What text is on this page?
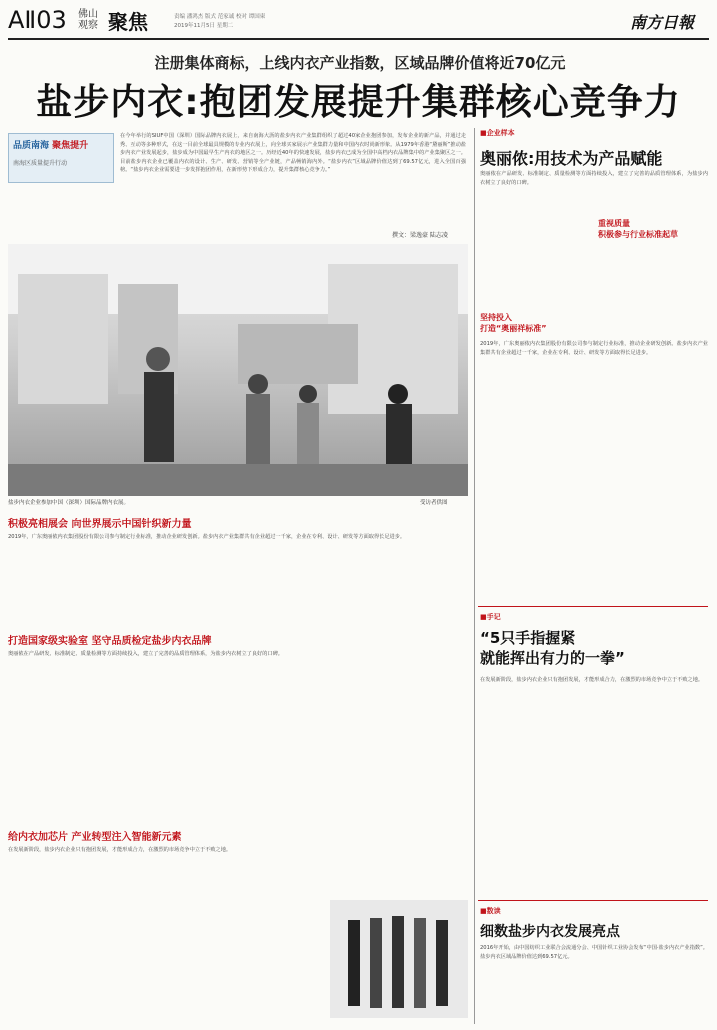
AⅡ03 佛山
观察 聚焦	责编 潘鸿杰 版式 范家诚 校对 谭国柬
2019年11月5日 星期二	南方日報
注册集体商标，上线内衣产业指数，区域品牌价值将近70亿元
盐步内衣:抱团发展提升集群核心竞争力
品质南海 聚焦提升
南海区质量提升行动
在今年举行的SIUF中国（深圳）国际品牌内衣展上，来自南海大沥的盐步内衣产业集群组织了超过40家企业抱团参加，发布企业的新产品，并通过走秀、互动等多种形式，在这一目前全球最具规模的专业内衣展上，向全球买家展示产业集群力量和中国内衣时尚新形象。从1979年香港“黛丽斯”推动盐步内衣产业发展起步，盐步成为中国最早生产内衣的地区之一。历经近40年的快速发展，盐步内衣已成为全国中高档内衣品牌集中的产业集聚区之一。目前盐步内衣企业已覆盖内衣的设计、生产、研发、营销等全产业链，产品畅销海内外。“盐步内衣”区域品牌价值达到了69.57亿元，进入全国百强榜。“盐步内衣企业需要进一步发挥抱团作用，在新形势下形成合力，提升集群核心竞争力。”
撰文：梁逸豪 陆志凌
盐步内衣企业参加中国（深圳）国际品牌内衣展。	受访者供图
积极亮相展会 向世界展示中国针织新力量
2019年，广东奥丽侬内衣集团股份有限公司参与制定行业标准，推动企业研发创新。盐步内衣产业集群共有企业超过一千家，企业在专利、设计、研发等方面取得长足进步。
打造国家级实验室 坚守品质检定盐步内衣品牌
奥丽侬在产品研发、标准制定、质量检测等方面持续投入，建立了完善的品质管理体系，为盐步内衣树立了良好的口碑。
给内衣加芯片 产业转型注入智能新元素
在发展新阶段，盐步内衣企业只有抱团发展，才能形成合力，在激烈的市场竞争中立于不败之地。
■企业样本
奥丽侬:用技术为产品赋能
奥丽侬在产品研发、标准制定、质量检测等方面持续投入，建立了完善的品质管理体系，为盐步内衣树立了良好的口碑。
重视质量
积极参与行业标准起草
坚持投入
打造“奥丽祥标准”
2019年，广东奥丽侬内衣集团股份有限公司参与制定行业标准，推动企业研发创新。盐步内衣产业集群共有企业超过一千家，企业在专利、设计、研发等方面取得长足进步。
■手记
“5只手指握紧
就能挥出有力的一拳”
在发展新阶段，盐步内衣企业只有抱团发展，才能形成合力，在激烈的市场竞争中立于不败之地。
■数读
细数盐步内衣发展亮点
2016年开始，由中国纺织工业联合会流通分会、中国针织工业协会发布“中国·盐步内衣产业指数”。盐步内衣区域品牌价值达到69.57亿元。
